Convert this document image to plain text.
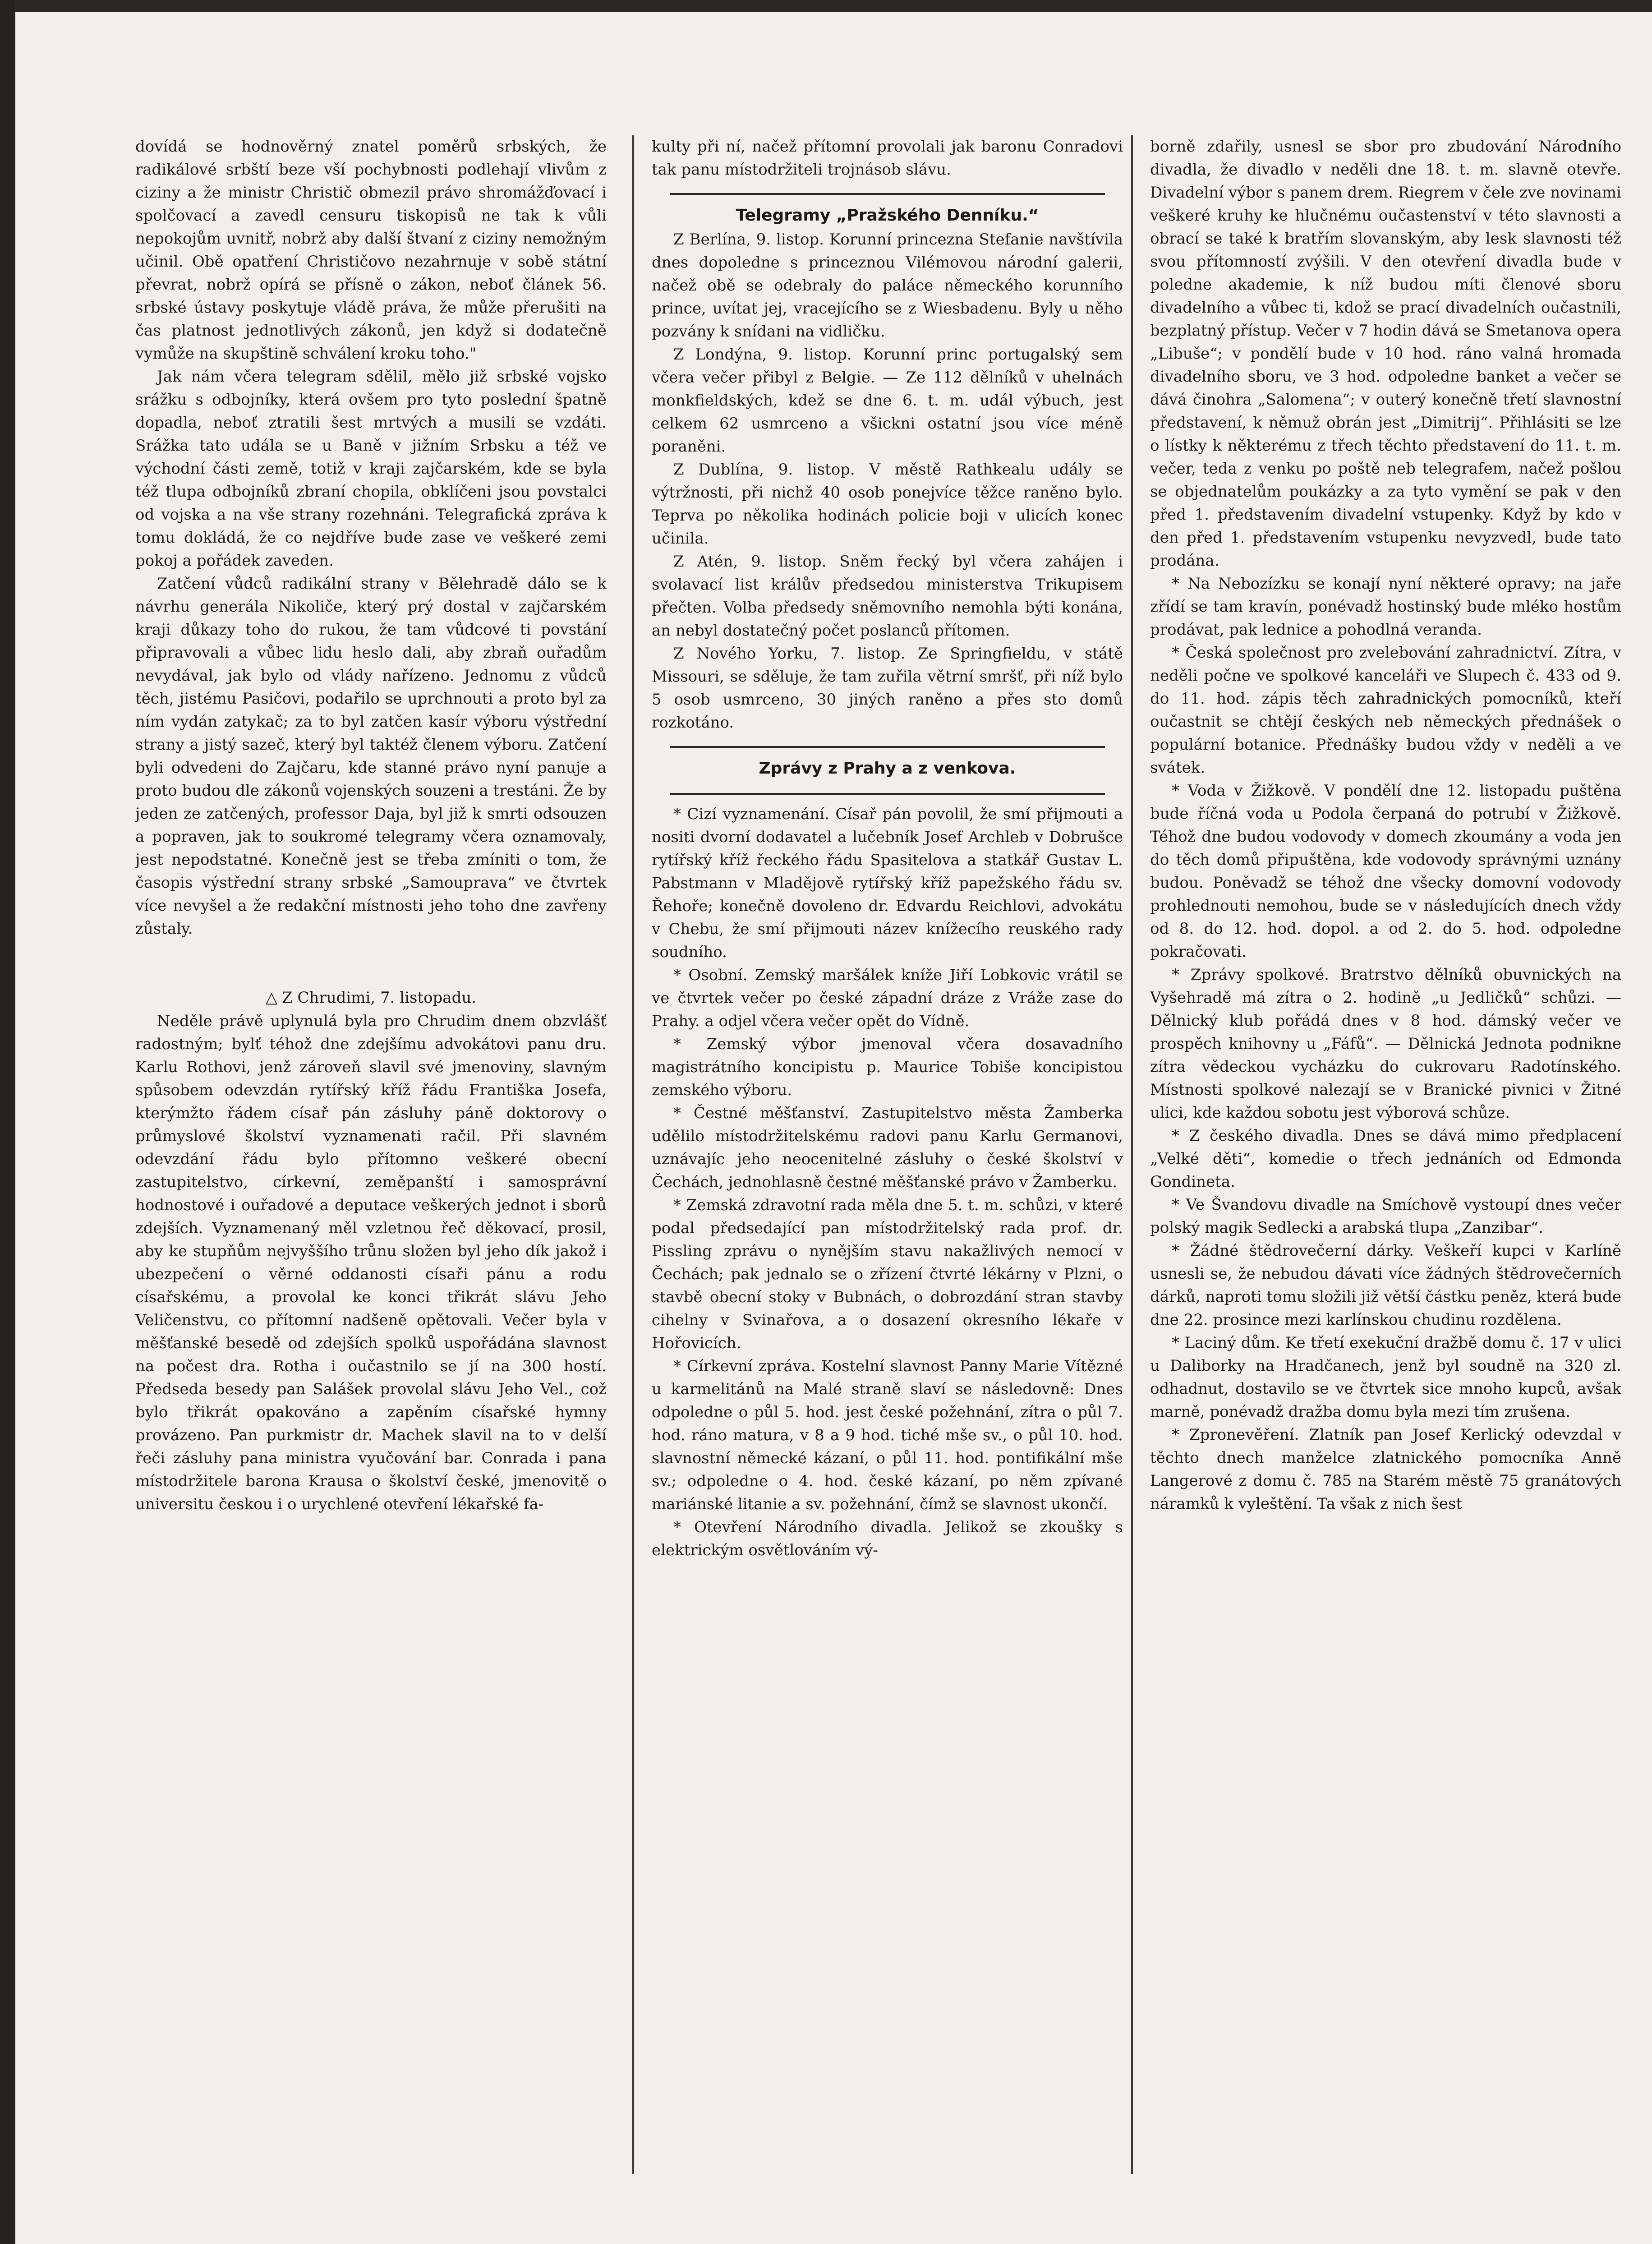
dovídá se hodnověrný znatel poměrů srbských, že radikálové srbští beze vší pochybnosti podlehají vlivům z ciziny a že ministr Christič obmezil právo shromážďovací i spolčovací a zavedl censuru tiskopisů ne tak k vůli nepokojům uvnitř, nobrž aby další štvaní z ciziny nemožným učinil. Obě opatření Christičovo nezahrnuje v sobě státní převrat, nobrž opírá se přísně o zákon, neboť článek 56. srbské ústavy poskytuje vládě práva, že může přerušiti na čas platnost jednotlivých zákonů, jen když si dodatečně vymůže na skupštině schválení kroku toho."

Jak nám včera telegram sdělil, mělo již srbské vojsko srážku s odbojníky, která ovšem pro tyto poslední špatně dopadla, neboť ztratili šest mrtvých a musili se vzdáti. Srážka tato udála se u Baně v jižním Srbsku a též ve východní části země, totiž v kraji zajčarském, kde se byla též tlupa odbojníků zbraní chopila, obklíčeni jsou povstalci od vojska a na vše strany rozehnáni. Telegrafická zpráva k tomu dokládá, že co nejdříve bude zase ve veškeré zemi pokoj a pořádek zaveden.

Zatčení vůdců radikální strany v Bělehradě dálo se k návrhu generála Nikoliče, který prý dostal v zajčarském kraji důkazy toho do rukou, že tam vůdcové ti povstání připravovali a vůbec lidu heslo dali, aby zbraň ouřadům nevydával, jak bylo od vlády nařízeno. Jednomu z vůdců těch, jistému Pasičovi, podařilo se uprchnouti a proto byl za ním vydán zatykač; za to byl zatčen kasír výboru výstřední strany a jistý sazeč, který byl taktéž členem výboru. Zatčení byli odvedeni do Zajčaru, kde stanné právo nyní panuje a proto budou dle zákonů vojenských souzeni a trestáni. Že by jeden ze zatčených, professor Daja, byl již k smrti odsouzen a popraven, jak to soukromé telegramy včera oznamovaly, jest nepodstatné. Konečně jest se třeba zmíniti o tom, že časopis výstřední strany srbské „Samouprava“ ve čtvrtek více nevyšel a že redakční místnosti jeho toho dne zavřeny zůstaly.

△ Z Chrudimi, 7. listopadu.

Neděle právě uplynulá byla pro Chrudim dnem obzvlášť radostným; bylť téhož dne zdejšímu advokátovi panu dru. Karlu Rothovi, jenž zároveň slavil své jmenoviny, slavným spůsobem odevzdán rytířský kříž řádu Františka Josefa, kterýmžto řádem císař pán zásluhy páně doktorovy o průmyslové školství vyznamenati račil. Při slavném odevzdání řádu bylo přítomno veškeré obecní zastupitelstvo, církevní, zeměpanští i samosprávní hodnostové i ouřadové a deputace veškerých jednot i sborů zdejších. Vyznamenaný měl vzletnou řeč děkovací, prosil, aby ke stupňům nejvyššího trůnu složen byl jeho dík jakož i ubezpečení o věrné oddanosti císaři pánu a rodu císařskému, a provolal ke konci třikrát slávu Jeho Veličenstvu, co přítomní nadšeně opětovali. Večer byla v měšťanské besedě od zdejších spolků uspořádána slavnost na počest dra. Rotha i oučastnilo se jí na 300 hostí. Předseda besedy pan Salášek provolal slávu Jeho Vel., což bylo třikrát opakováno a zapěním císařské hymny provázeno. Pan purkmistr dr. Machek slavil na to v delší řeči zásluhy pana ministra vyučování bar. Conrada i pana místodržitele barona Krausa o školství české, jmenovitě o universitu českou i o urychlené otevření lékařské fa-

kulty při ní, načež přítomní provolali jak baronu Conradovi tak panu místodržiteli trojnásob slávu.

Telegramy „Pražského Denníku.“

Z Berlína, 9. listop. Korunní princezna Stefanie navštívila dnes dopoledne s princeznou Vilémovou národní galerii, načež obě se odebraly do paláce německého korunního prince, uvítat jej, vracejícího se z Wiesbadenu. Byly u něho pozvány k snídani na vidličku.

Z Londýna, 9. listop. Korunní princ portugalský sem včera večer přibyl z Belgie. — Ze 112 dělníků v uhelnách monkfieldských, kdež se dne 6. t. m. udál výbuch, jest celkem 62 usmrceno a všickni ostatní jsou více méně poraněni.

Z Dublína, 9. listop. V městě Rathkealu udály se výtržnosti, při nichž 40 osob ponejvíce těžce raněno bylo. Teprva po několika hodinách policie boji v ulicích konec učinila.

Z Atén, 9. listop. Sněm řecký byl včera zahájen i svolavací list králův předsedou ministerstva Trikupisem přečten. Volba předsedy sněmovního nemohla býti konána, an nebyl dostatečný počet poslanců přítomen.

Z Nového Yorku, 7. listop. Ze Springfieldu, v státě Missouri, se sděluje, že tam zuřila větrní smršť, při níž bylo 5 osob usmrceno, 30 jiných raněno a přes sto domů rozkotáno.

Zprávy z Prahy a z venkova.

* Cizí vyznamenání. Císař pán povolil, že smí přijmouti a nositi dvorní dodavatel a lučebník Josef Archleb v Dobrušce rytířský kříž řeckého řádu Spasitelova a statkář Gustav L. Pabstmann v Mladějově rytířský kříž papežského řádu sv. Řehoře; konečně dovoleno dr. Edvardu Reichlovi, advokátu v Chebu, že smí přijmouti název knížecího reuského rady soudního.

* Osobní. Zemský maršálek kníže Jiří Lobkovic vrátil se ve čtvrtek večer po české západní dráze z Vráže zase do Prahy. a odjel včera večer opět do Vídně.

* Zemský výbor jmenoval včera dosavadního magistrátního koncipistu p. Maurice Tobiše koncipistou zemského výboru.

* Čestné měšťanství. Zastupitelstvo města Žamberka udělilo místodržitelskému radovi panu Karlu Germanovi, uznávajíc jeho neocenitelné zásluhy o české školství v Čechách, jednohlasně čestné měšťanské právo v Žamberku.

* Zemská zdravotní rada měla dne 5. t. m. schůzi, v které podal předsedající pan místodržitelský rada prof. dr. Pissling zprávu o nynějším stavu nakažlivých nemocí v Čechách; pak jednalo se o zřízení čtvrté lékárny v Plzni, o stavbě obecní stoky v Bubnách, o dobrozdání stran stavby cihelny v Svinařova, a o dosazení okresního lékaře v Hořovicích.

* Církevní zpráva. Kostelní slavnost Panny Marie Vítězné u karmelitánů na Malé straně slaví se následovně: Dnes odpoledne o půl 5. hod. jest české požehnání, zítra o půl 7. hod. ráno matura, v 8 a 9 hod. tiché mše sv., o půl 10. hod. slavnostní německé kázaní, o půl 11. hod. pontifikální mše sv.; odpoledne o 4. hod. české kázaní, po něm zpívané mariánské litanie a sv. požehnání, čímž se slavnost ukončí.

* Otevření Národního divadla. Jelikož se zkoušky s elektrickým osvětlováním vý-

borně zdařily, usnesl se sbor pro zbudování Národního divadla, že divadlo v neděli dne 18. t. m. slavně otevře. Divadelní výbor s panem drem. Riegrem v čele zve novinami veškeré kruhy ke hlučnému oučastenství v této slavnosti a obrací se také k bratřím slovanským, aby lesk slavnosti též svou přítomností zvýšili. V den otevření divadla bude v poledne akademie, k níž budou míti členové sboru divadelního a vůbec ti, kdož se prací divadelních oučastnili, bezplatný přístup. Večer v 7 hodin dává se Smetanova opera „Libuše“; v pondělí bude v 10 hod. ráno valná hromada divadelního sboru, ve 3 hod. odpoledne banket a večer se dává činohra „Salomena“; v outerý konečně třetí slavnostní představení, k němuž obrán jest „Dimitrij“. Přihlásiti se lze o lístky k některému z třech těchto představení do 11. t. m. večer, teda z venku po poště neb telegrafem, načež pošlou se objednatelům poukázky a za tyto vymění se pak v den před 1. představením divadelní vstupenky. Když by kdo v den před 1. představením vstupenku nevyzvedl, bude tato prodána.

* Na Nebozízku se konají nyní některé opravy; na jaře zřídí se tam kravín, ponévadž hostinský bude mléko hostům prodávat, pak lednice a pohodlná veranda.

* Česká společnost pro zvelebování zahradnictví. Zítra, v neděli počne ve spolkové kanceláři ve Slupech č. 433 od 9. do 11. hod. zápis těch zahradnických pomocníků, kteří oučastnit se chtějí českých neb německých přednášek o populární botanice. Přednášky budou vždy v neděli a ve svátek.

* Voda v Žižkově. V pondělí dne 12. listopadu puštěna bude říčná voda u Podola čerpaná do potrubí v Žižkově. Téhož dne budou vodovody v domech zkoumány a voda jen do těch domů připuštěna, kde vodovody správnými uznány budou. Poněvadž se téhož dne všecky domovní vodovody prohlednouti nemohou, bude se v následujících dnech vždy od 8. do 12. hod. dopol. a od 2. do 5. hod. odpoledne pokračovati.

* Zprávy spolkové. Bratrstvo dělníků obuvnických na Vyšehradě má zítra o 2. hodině „u Jedličků“ schůzi. — Dělnický klub pořádá dnes v 8 hod. dámský večer ve prospěch knihovny u „Fáfů“. — Dělnická Jednota podnikne zítra vědeckou vycházku do cukrovaru Radotínského. Místnosti spolkové nalezají se v Branické pivnici v Žitné ulici, kde každou sobotu jest výborová schůze.

* Z českého divadla. Dnes se dává mimo předplacení „Velké děti“, komedie o třech jednáních od Edmonda Gondineta.

* Ve Švandovu divadle na Smíchově vystoupí dnes večer polský magik Sedlecki a arabská tlupa „Zanzibar“.

* Žádné štědrovečerní dárky. Veškeří kupci v Karlíně usnesli se, že nebudou dávati více žádných štědrovečerních dárků, naproti tomu složili již větší částku peněz, která bude dne 22. prosince mezi karlínskou chudinu rozdělena.

* Laciný dům. Ke třetí exekuční dražbě domu č. 17 v ulici u Daliborky na Hradčanech, jenž byl soudně na 320 zl. odhadnut, dostavilo se ve čtvrtek sice mnoho kupců, avšak marně, ponévadž dražba domu byla mezi tím zrušena.

* Zpronevěření. Zlatník pan Josef Kerlický odevzdal v těchto dnech manželce zlatnického pomocníka Anně Langerové z domu č. 785 na Starém městě 75 granátových náramků k vyleštění. Ta však z nich šest
